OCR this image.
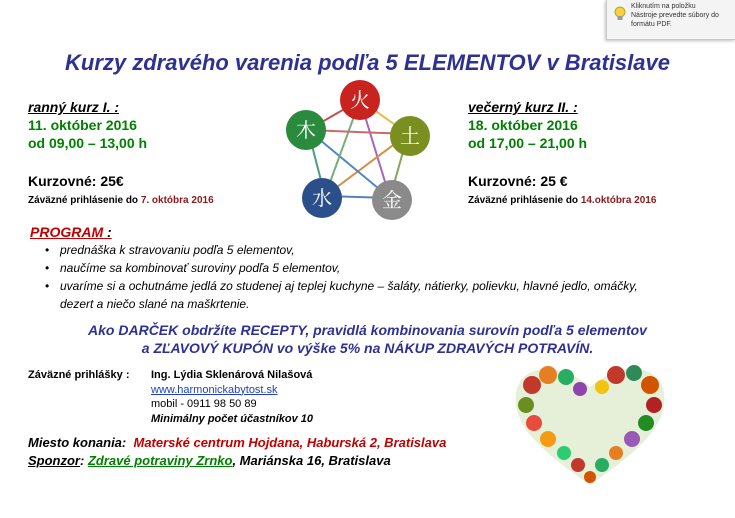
Kliknutím na položku
Nástroje prevedte súbory do
formátu PDF.
Kurzy zdravého varenia podľa 5 ELEMENTOV v Bratislave
ranný kurz I. :
11. október 2016
od 09,00 – 13,00 h
Kurzovné: 25€
Záväzné prihlásenie do 7. októbra 2016
večerný kurz II. :
18. október 2016
od 17,00 – 21,00 h
Kurzovné: 25 €
Záväzné prihlásenie do 14.októbra 2016
火
土
金
水
木
PROGRAM :
• prednáška k stravovaniu podľa 5 elementov,
• naučíme sa kombinovať suroviny podľa 5 elementov,
• uvaríme si a ochutnáme jedlá zo studenej aj teplej kuchyne – šaláty, nátierky, polievku, hlavné jedlo, omáčky,
dezert a niečo slané na maškrtenie.
Ako DARČEK obdržíte RECEPTY, pravidlá kombinovania surovín podľa 5 elementov
a ZĽAVOVÝ KUPÓN vo výške 5% na NÁKUP ZDRAVÝCH POTRAVÍN.
Záväzné prihlášky : Ing. Lýdia Sklenárová Nilašová
www.harmonickabytost.sk
mobil - 0911 98 50 89
Minimálny počet účastníkov 10
Miesto konania: Materské centrum Hojdana, Haburská 2, Bratislava
Sponzor: Zdravé potraviny Zrnko, Mariánska 16, Bratislava
